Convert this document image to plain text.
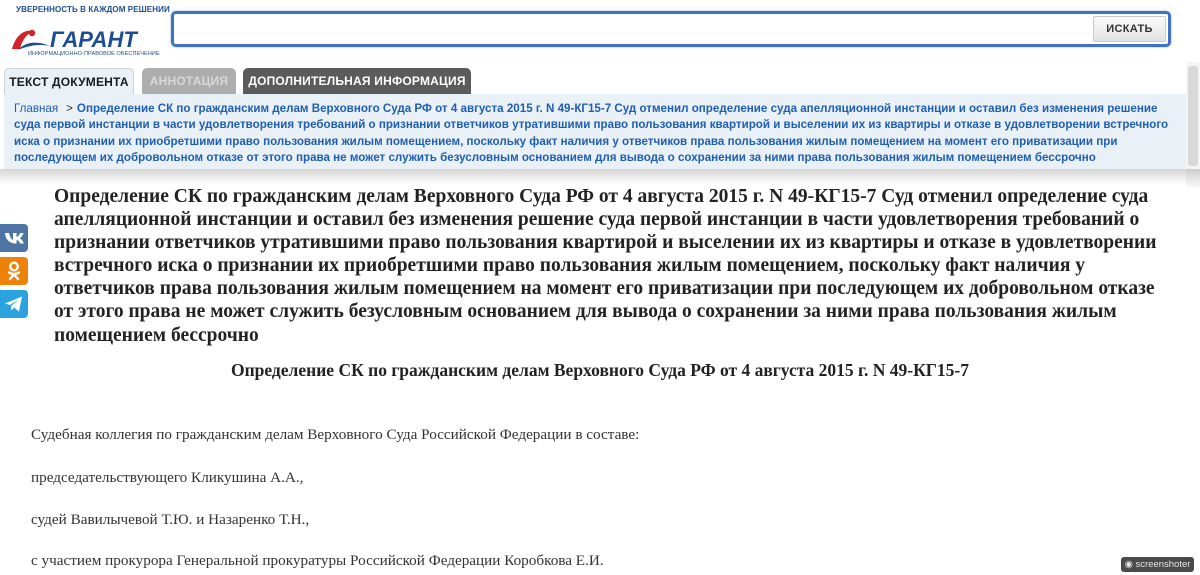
УВЕРЕННОСТЬ В КАЖДОМ РЕШЕНИИ
ГАРАНТ
ИНФОРМАЦИОННО-ПРАВОВОЕ ОБЕСПЕЧЕНИЕ
ИСКАТЬ
ТЕКСТ ДОКУМЕНТА	АННОТАЦИЯ	ДОПОЛНИТЕЛЬНАЯ ИНФОРМАЦИЯ
Главная > Определение СК по гражданским делам Верховного Суда РФ от 4 августа 2015 г. N 49-КГ15-7 Суд отменил определение суда апелляционной инстанции и оставил без изменения решение суда первой инстанции в части удовлетворения требований о признании ответчиков утратившими право пользования квартирой и выселении их из квартиры и отказе в удовлетворении встречного иска о признании их приобретшими право пользования жилым помещением, поскольку факт наличия у ответчиков права пользования жилым помещением на момент его приватизации при последующем их добровольном отказе от этого права не может служить безусловным основанием для вывода о сохранении за ними права пользования жилым помещением бессрочно
Определение СК по гражданским делам Верховного Суда РФ от 4 августа 2015 г. N 49-КГ15-7 Суд отменил определение суда апелляционной инстанции и оставил без изменения решение суда первой инстанции в части удовлетворения требований о признании ответчиков утратившими право пользования квартирой и выселении их из квартиры и отказе в удовлетворении встречного иска о признании их приобретшими право пользования жилым помещением, поскольку факт наличия у ответчиков права пользования жилым помещением на момент его приватизации при последующем их добровольном отказе от этого права не может служить безусловным основанием для вывода о сохранении за ними права пользования жилым помещением бессрочно
Определение СК по гражданским делам Верховного Суда РФ от 4 августа 2015 г. N 49-КГ15-7

Судебная коллегия по гражданским делам Верховного Суда Российской Федерации в составе:

председательствующего Кликушина А.А.,

судей Вавилычевой Т.Ю. и Назаренко Т.Н.,

с участием прокурора Генеральной прокуратуры Российской Федерации Коробкова Е.И.	◉ screenshoter
